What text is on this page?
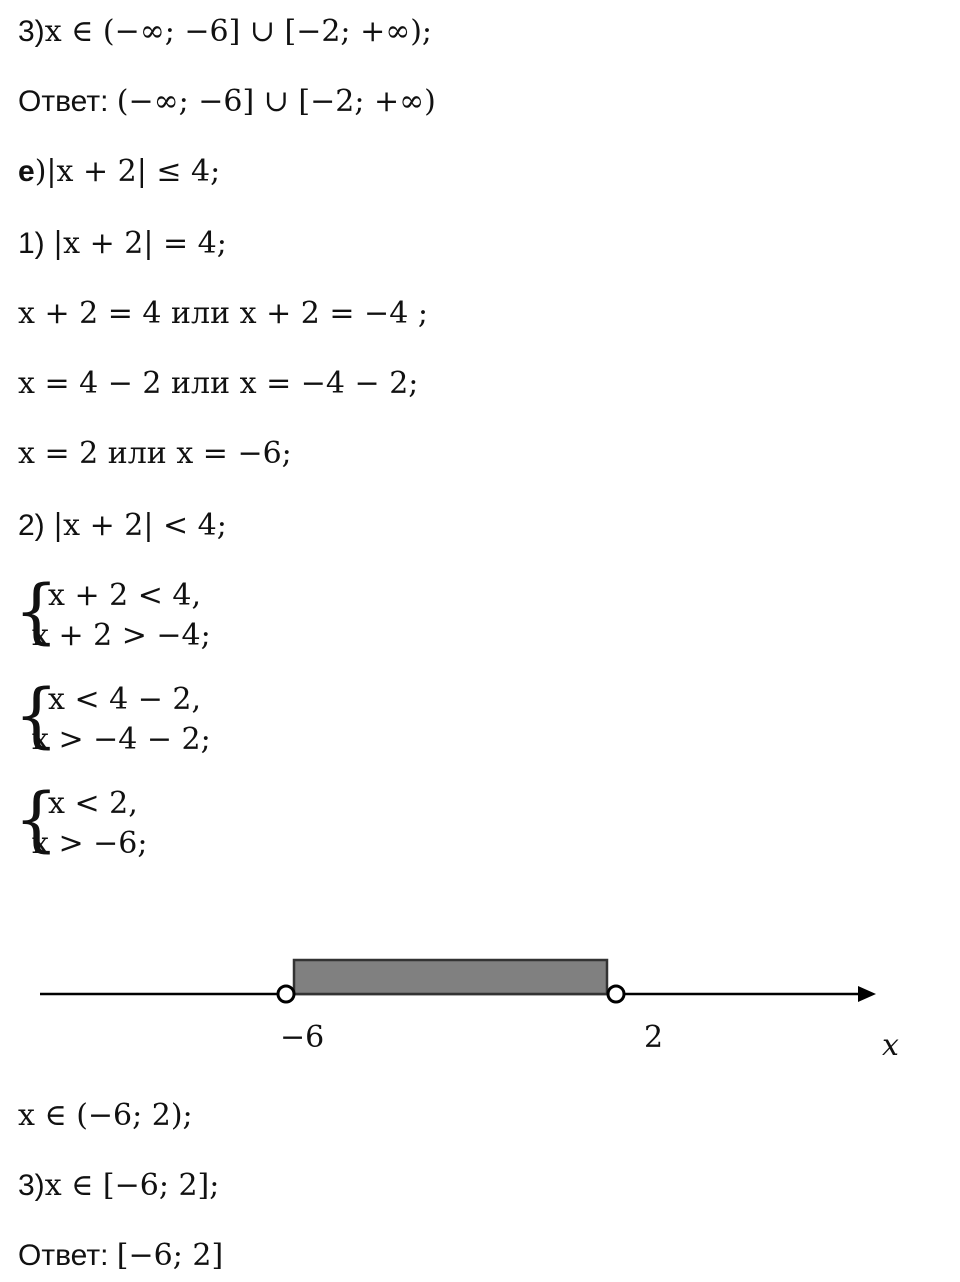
3)x ∈ (−∞; −6] ∪ [−2; +∞);
Ответ: (−∞; −6] ∪ [−2; +∞)
е)|x + 2| ≤ 4;
1) |x + 2| = 4;
x + 2 = 4 или x + 2 = −4 ;
x = 4 − 2 или x = −4 − 2;
x = 2 или x = −6;
2) |x + 2| < 4;
{
x + 2 < 4,
x + 2 > −4;
{
x < 4 − 2,
x > −4 − 2;
{
x < 2,
x > −6;
−6	2	x
x ∈ (−6; 2);
3)x ∈ [−6; 2];
Ответ: [−6; 2]
